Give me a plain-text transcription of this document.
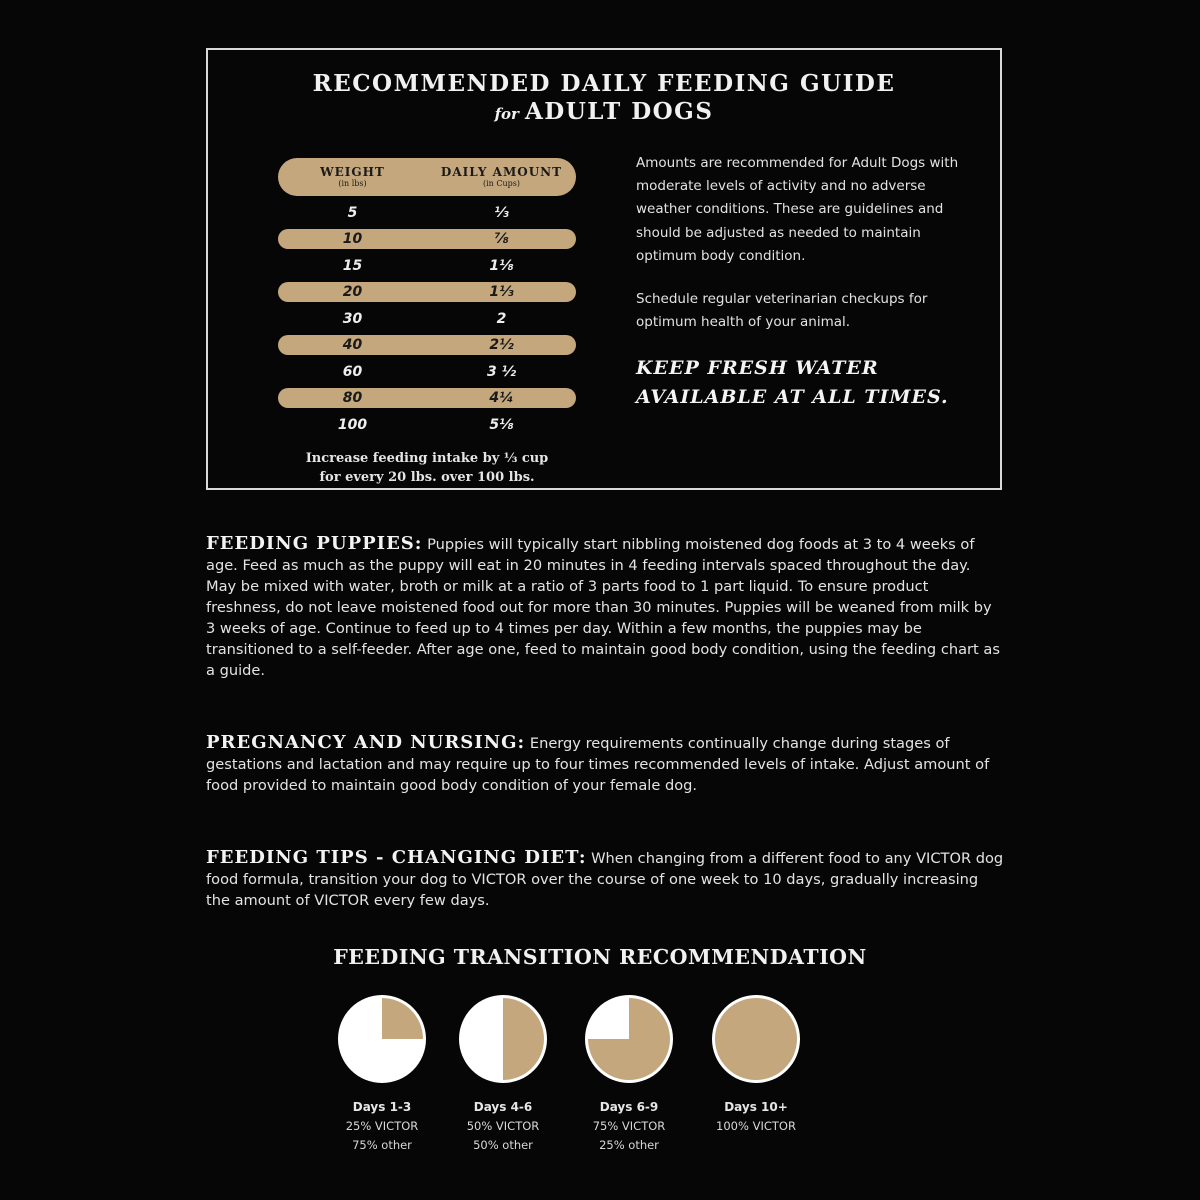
RECOMMENDED DAILY FEEDING GUIDE
for ADULT DOGS
WEIGHT
(in lbs)
DAILY AMOUNT
(in Cups)
5	⅓
10	⅞
15	1⅛
20	1⅓
30	2
40	2½
60	3 ½
80	4¼
100	5⅛
Increase feeding intake by ⅓ cup
for every 20 lbs. over 100 lbs.

Amounts are recommended for Adult Dogs with moderate levels of activity and no adverse weather conditions. These are guidelines and should be adjusted as needed to maintain optimum body condition.

Schedule regular veterinarian checkups for optimum health of your animal.

KEEP FRESH WATER
AVAILABLE AT ALL TIMES.

FEEDING PUPPIES: Puppies will typically start nibbling moistened dog foods at 3 to 4 weeks of age. Feed as much as the puppy will eat in 20 minutes in 4 feeding intervals spaced throughout the day. May be mixed with water, broth or milk at a ratio of 3 parts food to 1 part liquid. To ensure product freshness, do not leave moistened food out for more than 30 minutes. Puppies will be weaned from milk by 3 weeks of age. Continue to feed up to 4 times per day. Within a few months, the puppies may be transitioned to a self-feeder. After age one, feed to maintain good body condition, using the feeding chart as a guide.

PREGNANCY AND NURSING: Energy requirements continually change during stages of gestations and lactation and may require up to four times recommended levels of intake. Adjust amount of food provided to maintain good body condition of your female dog.

FEEDING TIPS - CHANGING DIET: When changing from a different food to any VICTOR dog food formula, transition your dog to VICTOR over the course of one week to 10 days, gradually increasing the amount of VICTOR every few days.

FEEDING TRANSITION RECOMMENDATION
Days 1-3
25% VICTOR
75% other
Days 4-6
50% VICTOR
50% other
Days 6-9
75% VICTOR
25% other
Days 10+
100% VICTOR
